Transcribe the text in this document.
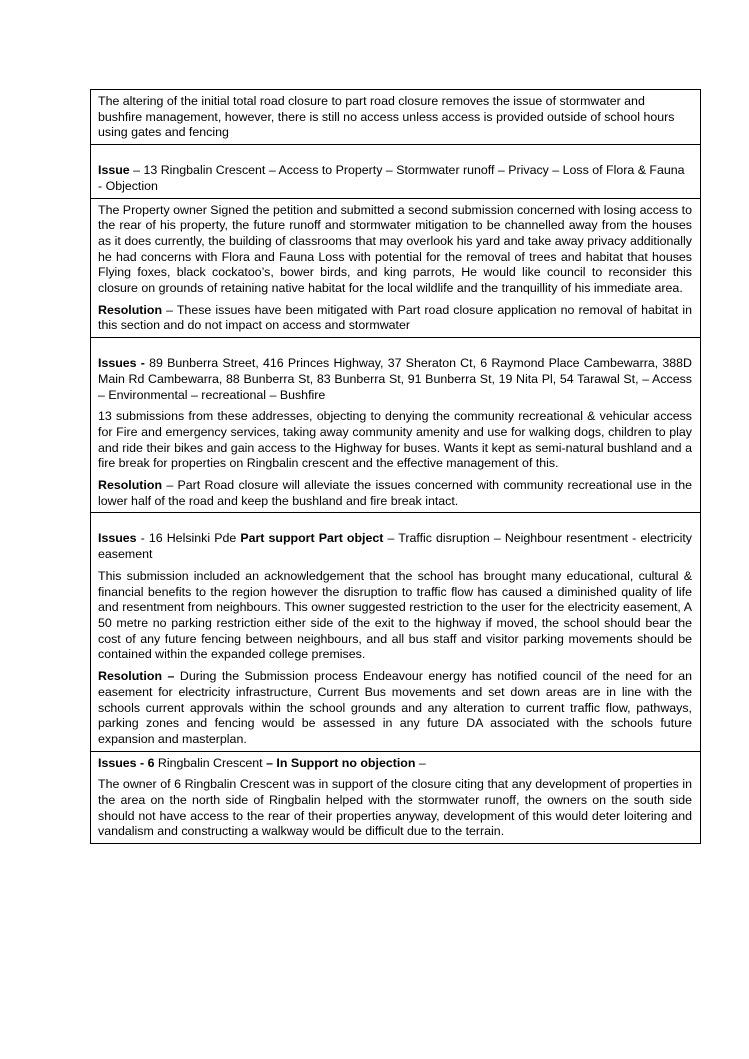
The altering of the initial total road closure to part road closure removes the issue of stormwater and bushfire management, however, there is still no access unless access is provided outside of school hours using gates and fencing

Issue – 13 Ringbalin Crescent – Access to Property – Stormwater runoff – Privacy – Loss of Flora & Fauna - Objection

The Property owner Signed the petition and submitted a second submission concerned with losing access to the rear of his property, the future runoff and stormwater mitigation to be channelled away from the houses as it does currently, the building of classrooms that may overlook his yard and take away privacy additionally he had concerns with Flora and Fauna Loss with potential for the removal of trees and habitat that houses Flying foxes, black cockatoo’s, bower birds, and king parrots, He would like council to reconsider this closure on grounds of retaining native habitat for the local wildlife and the tranquillity of his immediate area.

Resolution – These issues have been mitigated with Part road closure application no removal of habitat in this section and do not impact on access and stormwater

Issues - 89 Bunberra Street, 416 Princes Highway, 37 Sheraton Ct, 6 Raymond Place Cambewarra, 388D Main Rd Cambewarra, 88 Bunberra St, 83 Bunberra St, 91 Bunberra St, 19 Nita Pl, 54 Tarawal St, – Access – Environmental – recreational – Bushfire

13 submissions from these addresses, objecting to denying the community recreational & vehicular access for Fire and emergency services, taking away community amenity and use for walking dogs, children to play and ride their bikes and gain access to the Highway for buses. Wants it kept as semi-natural bushland and a fire break for properties on Ringbalin crescent and the effective management of this.

Resolution – Part Road closure will alleviate the issues concerned with community recreational use in the lower half of the road and keep the bushland and fire break intact.

Issues - 16 Helsinki Pde Part support Part object – Traffic disruption – Neighbour resentment - electricity easement

This submission included an acknowledgement that the school has brought many educational, cultural & financial benefits to the region however the disruption to traffic flow has caused a diminished quality of life and resentment from neighbours. This owner suggested restriction to the user for the electricity easement, A 50 metre no parking restriction either side of the exit to the highway if moved, the school should bear the cost of any future fencing between neighbours, and all bus staff and visitor parking movements should be contained within the expanded college premises.

Resolution – During the Submission process Endeavour energy has notified council of the need for an easement for electricity infrastructure, Current Bus movements and set down areas are in line with the schools current approvals within the school grounds and any alteration to current traffic flow, pathways, parking zones and fencing would be assessed in any future DA associated with the schools future expansion and masterplan.

Issues - 6 Ringbalin Crescent – In Support no objection –

The owner of 6 Ringbalin Crescent was in support of the closure citing that any development of properties in the area on the north side of Ringbalin helped with the stormwater runoff, the owners on the south side should not have access to the rear of their properties anyway, development of this would deter loitering and vandalism and constructing a walkway would be difficult due to the terrain.
